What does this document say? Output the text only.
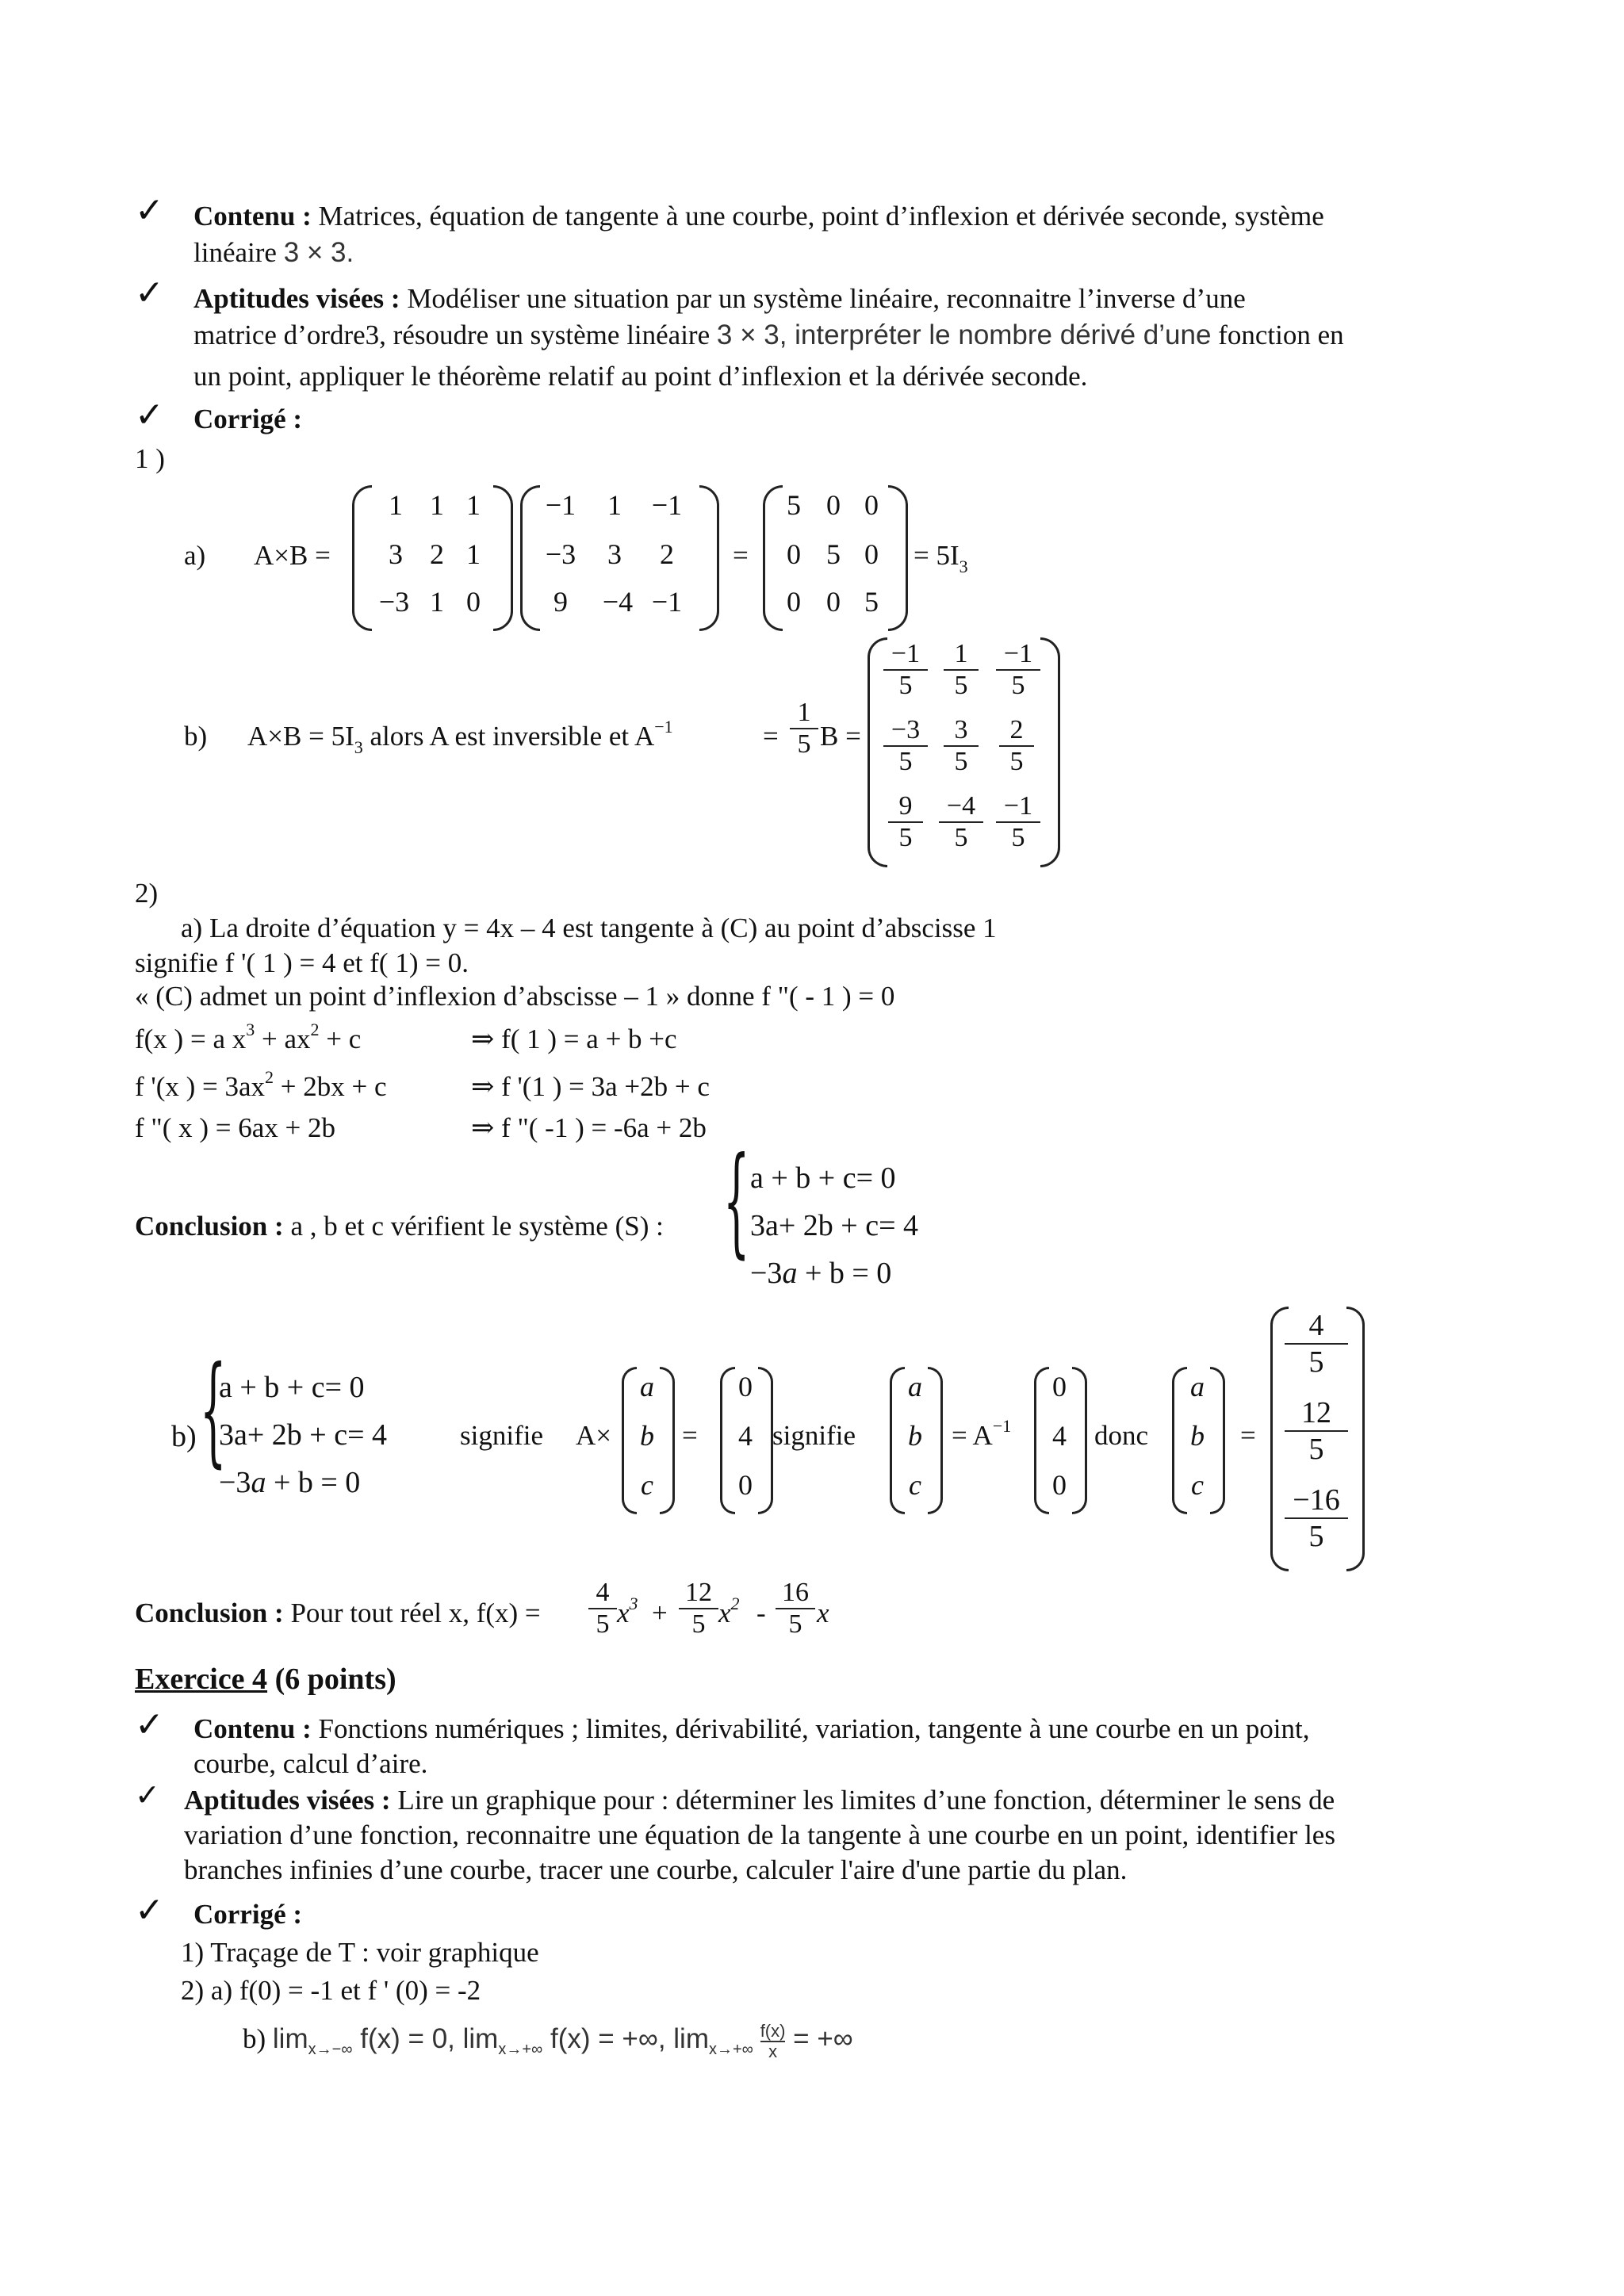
✓ Contenu : Matrices, équation de tangente à une courbe, point d’inflexion et dérivée seconde, système
linéaire 3 × 3.
✓ Aptitudes visées : Modéliser une situation par un système linéaire, reconnaitre l’inverse d’une
matrice d’ordre3, résoudre un système linéaire 3 × 3, interpréter le nombre dérivé d’une fonction en
un point, appliquer le théorème relatif au point d’inflexion et la dérivée seconde.
✓ Corrigé :
1 )
a) A×B =
1 1 1
3 2 1
−3 1 0
−1	1	−1
−3	3	2
9	−4 −1
=
5 0 0
0 5 0
0 0 5
= $5I_3$
b) $A\times B = 5I_3$ alors A est inversible et $A^{-1}$	= $\frac{1}{5}$ B =
$\frac{-1}{5} \frac{1}{5} \frac{-1}{5}$
$\frac{-3}{5} \frac{3}{5} \frac{2}{5}$
$\frac{9}{5} \frac{-4}{5} \frac{-1}{5}$
2)
a) La droite d’équation y = 4x – 4 est tangente à (C) au point d’abscisse 1
signifie f '( 1 ) = 4 et f( 1) = 0.
« (C) admet un point d’inflexion d’abscisse – 1 » donne f "( - 1 ) = 0
f(x ) = a $x^3 + ax^2 + c$	⇒ f( 1 ) = a + b +c
f '(x ) = $3ax^2 + 2bx + c$	⇒ f '(1 ) = 3a +2b + c
f "( x ) = 6ax + 2b	⇒ f "( -1 ) = -6a + 2b
Conclusion : a , b et c vérifient le système (S) : { a + b + c= 0
3a+ 2b + c= 4
−3a + b = 0
b) {
a + b + c= 0
3a+ 2b + c= 4
−3a + b = 0
signifie A×
a
b
c
=
0
4
0
signifie
a
b
c
= $A^{-1}$
0
4
0
donc
a
b
c
=
$\frac{4}{5}$
$\frac{12}{5}$
$\frac{-16}{5}$
Conclusion : Pour tout réel x, $f(x) = \frac{4}{5} x^3 + \frac{12}{5} x^2 - \frac{16}{5}$ x
Exercice 4 (6 points)
✓ Contenu : Fonctions numériques ; limites, dérivabilité, variation, tangente à une courbe en un point,
courbe, calcul d’aire.
✓ Aptitudes visées : Lire un graphique pour : déterminer les limites d’une fonction, déterminer le sens de
variation d’une fonction, reconnaitre une équation de la tangente à une courbe en un point, identifier les
branches infinies d’une courbe, tracer une courbe, calculer l'aire d'une partie du plan.
✓ Corrigé :
1) Traçage de T : voir graphique
2) a) f(0) = -1 et f ' (0) = -2
b) $\lim_{x\to-\infty} f(x) = 0$, $\lim_{x\to+\infty} f(x)$ = +∞, $\lim_{x\to+\infty} \frac{f(x)}{x}$ = +∞
